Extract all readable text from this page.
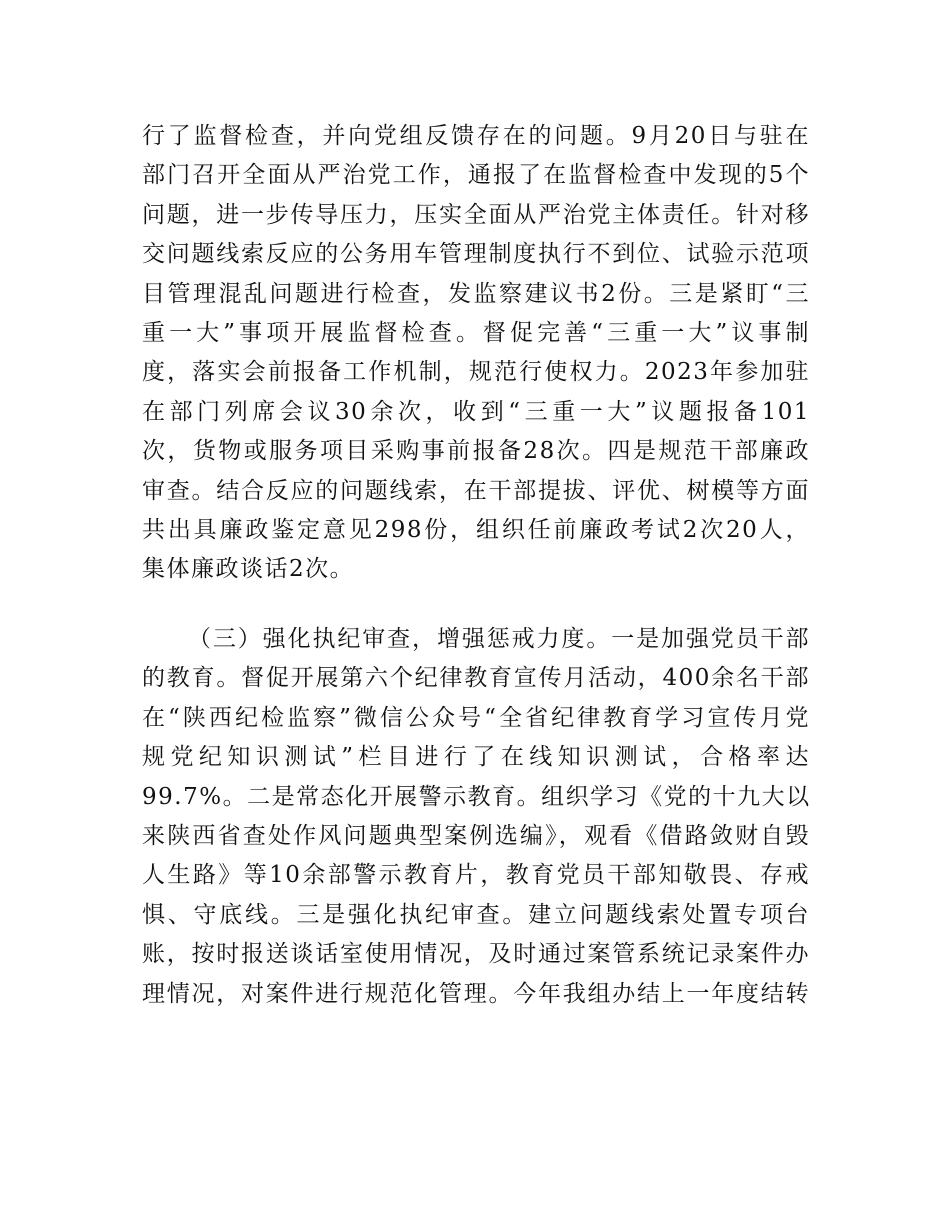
行了监督检查，并向党组反馈存在的问题。9月20日与驻在
部门召开全面从严治党工作，通报了在监督检查中发现的5个
问题，进一步传导压力，压实全面从严治党主体责任。针对移
交问题线索反应的公务用车管理制度执行不到位、试验示范项
目管理混乱问题进行检查，发监察建议书2份。三是紧盯“三
重一大”事项开展监督检查。督促完善“三重一大”议事制
度，落实会前报备工作机制，规范行使权力。2023年参加驻
在部门列席会议30余次，收到“三重一大”议题报备101
次，货物或服务项目采购事前报备28次。四是规范干部廉政
审查。结合反应的问题线索，在干部提拔、评优、树模等方面
共出具廉政鉴定意见298份，组织任前廉政考试2次20人，
集体廉政谈话2次。
（三）强化执纪审查，增强惩戒力度。一是加强党员干部
的教育。督促开展第六个纪律教育宣传月活动，400余名干部
在“陕西纪检监察”微信公众号“全省纪律教育学习宣传月党
规党纪知识测试”栏目进行了在线知识测试，合格率达
99.7%。二是常态化开展警示教育。组织学习《党的十九大以
来陕西省查处作风问题典型案例选编》，观看《借路敛财自毁
人生路》等10余部警示教育片，教育党员干部知敬畏、存戒
惧、守底线。三是强化执纪审查。建立问题线索处置专项台
账，按时报送谈话室使用情况，及时通过案管系统记录案件办
理情况，对案件进行规范化管理。今年我组办结上一年度结转
